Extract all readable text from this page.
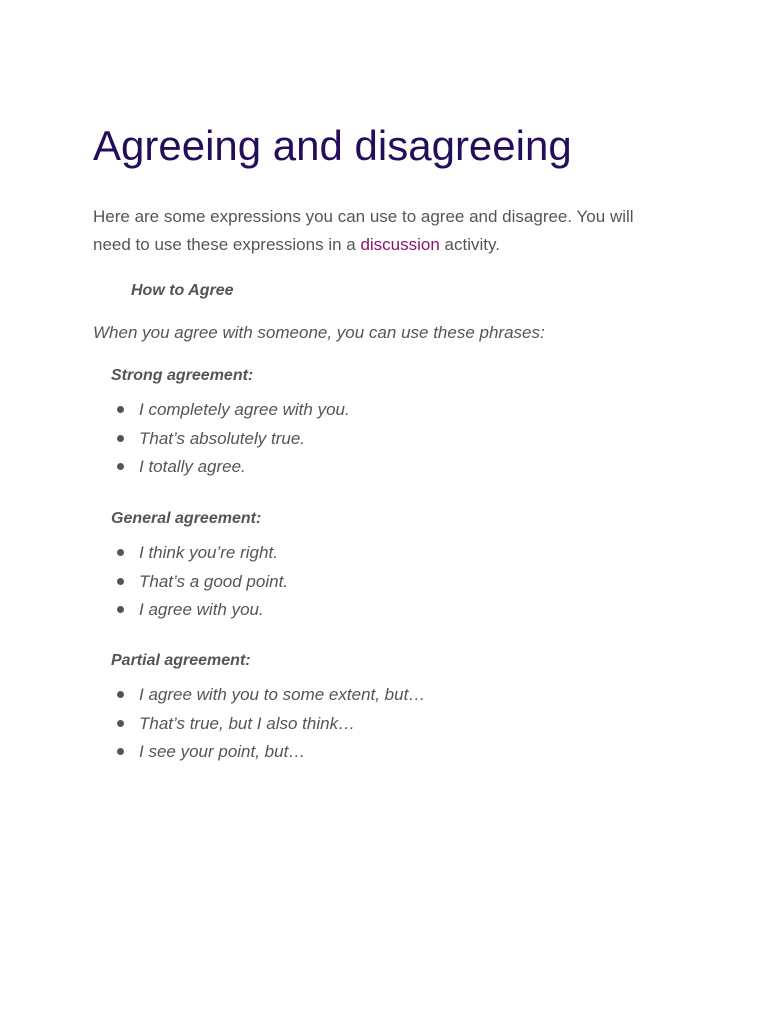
Agreeing and disagreeing

Here are some expressions you can use to agree and disagree. You will need to use these expressions in a discussion activity.

How to Agree

When you agree with someone, you can use these phrases:

Strong agreement:

I completely agree with you.
That’s absolutely true.
I totally agree.

General agreement:

I think you’re right.
That’s a good point.
I agree with you.

Partial agreement:

I agree with you to some extent, but…
That’s true, but I also think…
I see your point, but…
